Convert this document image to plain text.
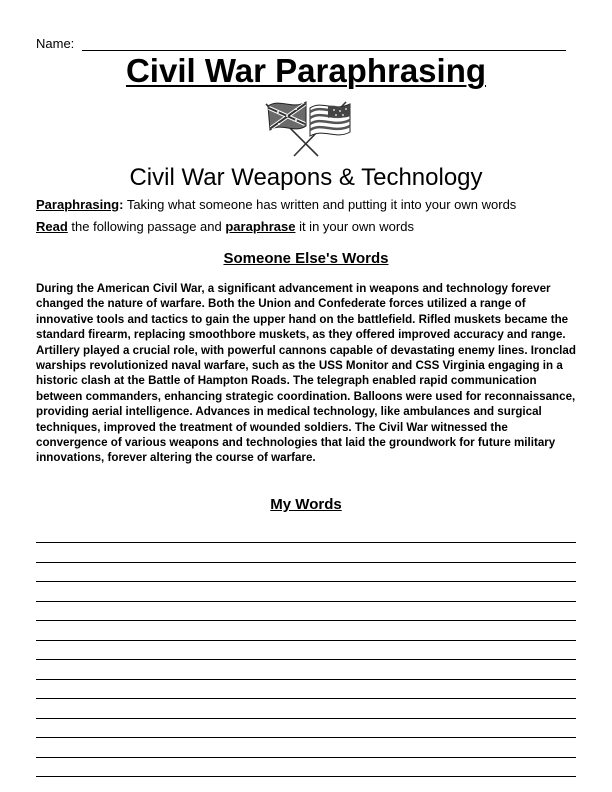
Name:
Civil War Paraphrasing
Civil War Weapons & Technology
Paraphrasing: Taking what someone has written and putting it into your own words
Read the following passage and paraphrase it in your own words
Someone Else's Words
During the American Civil War, a significant advancement in weapons and technology forever changed the nature of warfare. Both the Union and Confederate forces utilized a range of innovative tools and tactics to gain the upper hand on the battlefield. Rifled muskets became the standard firearm, replacing smoothbore muskets, as they offered improved accuracy and range. Artillery played a crucial role, with powerful cannons capable of devastating enemy lines. Ironclad warships revolutionized naval warfare, such as the USS Monitor and CSS Virginia engaging in a historic clash at the Battle of Hampton Roads. The telegraph enabled rapid communication between commanders, enhancing strategic coordination. Balloons were used for reconnaissance, providing aerial intelligence. Advances in medical technology, like ambulances and surgical techniques, improved the treatment of wounded soldiers. The Civil War witnessed the convergence of various weapons and technologies that laid the groundwork for future military innovations, forever altering the course of warfare.
My Words
